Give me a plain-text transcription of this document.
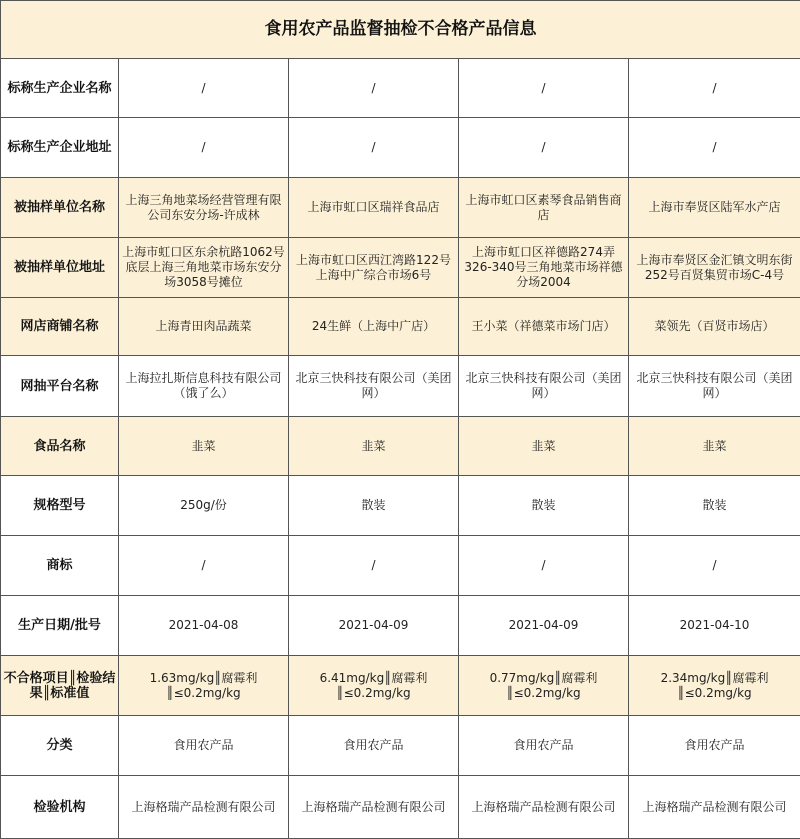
食用农产品监督抽检不合格产品信息				
标称生产企业名称	/	/	/	/
标称生产企业地址	/	/	/	/
被抽样单位名称	上海三角地菜场经营管理有限公司东安分场-许成林	上海市虹口区瑞祥食品店	上海市虹口区素琴食品销售商店	上海市奉贤区陆军水产店
被抽样单位地址	上海市虹口区东余杭路1062号底层上海三角地菜市场东安分场3058号摊位	上海市虹口区西江湾路122号上海中广综合市场6号	上海市虹口区祥德路274弄326-340号三角地菜市场祥德分场2004	上海市奉贤区金汇镇文明东街252号百贤集贸市场C-4号
网店商铺名称	上海青田肉品蔬菜	24生鲜（上海中广店）	王小菜（祥德菜市场门店）	菜领先（百贤市场店）
网抽平台名称	上海拉扎斯信息科技有限公司（饿了么）	北京三快科技有限公司（美团网）	北京三快科技有限公司（美团网）	北京三快科技有限公司（美团网）
食品名称	韭菜	韭菜	韭菜	韭菜
规格型号	250g/份	散装	散装	散装
商标	/	/	/	/
生产日期/批号	2021-04-08	2021-04-09	2021-04-09	2021-04-10
不合格项目║检验结果║标准值	1.63mg/kg║腐霉利║≤0.2mg/kg	6.41mg/kg║腐霉利║≤0.2mg/kg	0.77mg/kg║腐霉利║≤0.2mg/kg	2.34mg/kg║腐霉利║≤0.2mg/kg
分类	食用农产品	食用农产品	食用农产品	食用农产品
检验机构	上海格瑞产品检测有限公司	上海格瑞产品检测有限公司	上海格瑞产品检测有限公司	上海格瑞产品检测有限公司
